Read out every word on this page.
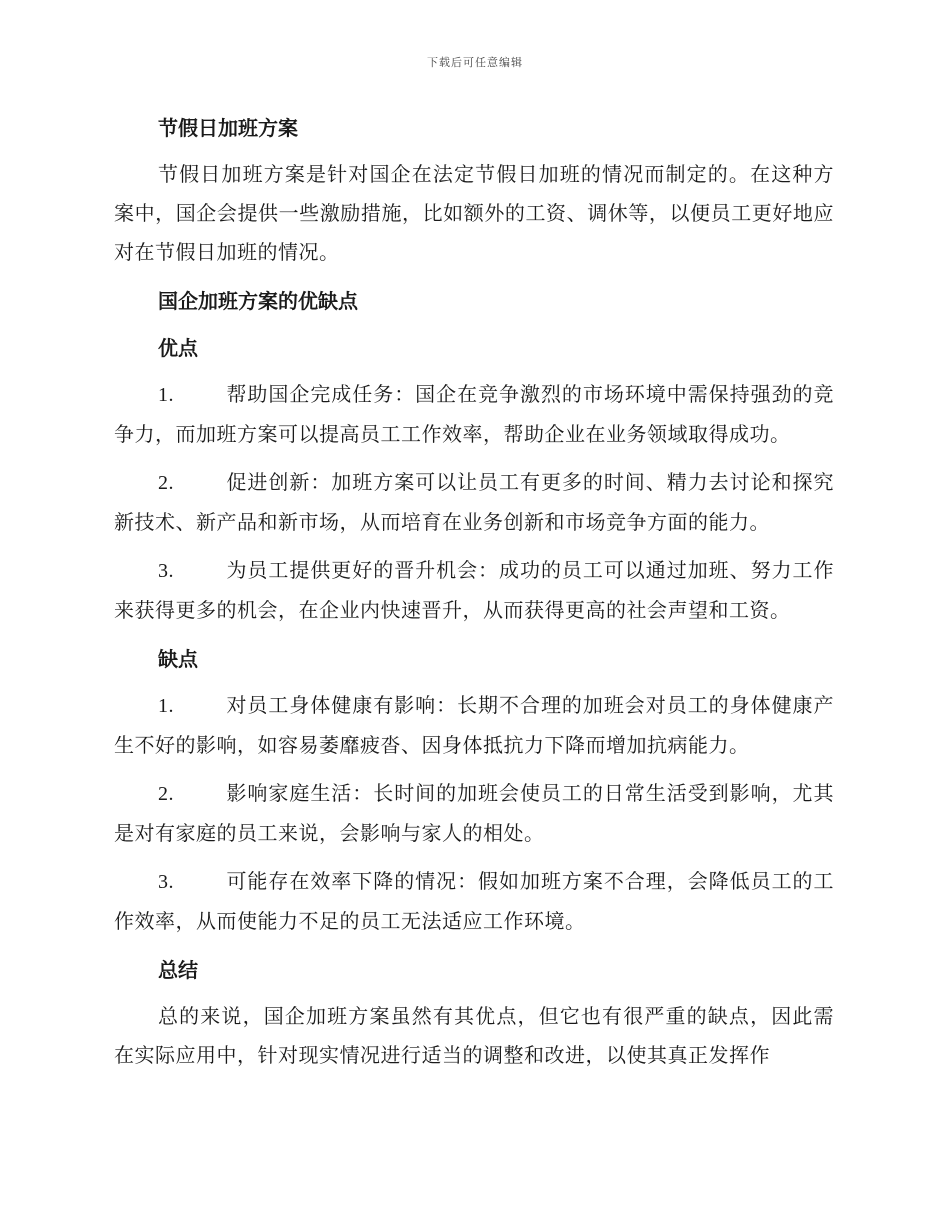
下载后可任意编辑

节假日加班方案

节假日加班方案是针对国企在法定节假日加班的情况而制定的。在这种方案中，国企会提供一些激励措施，比如额外的工资、调休等，以便员工更好地应对在节假日加班的情况。

国企加班方案的优缺点

优点

1.	帮助国企完成任务：国企在竞争激烈的市场环境中需保持强劲的竞争力，而加班方案可以提高员工工作效率，帮助企业在业务领域取得成功。

2.	促进创新：加班方案可以让员工有更多的时间、精力去讨论和探究新技术、新产品和新市场，从而培育在业务创新和市场竞争方面的能力。

3.	为员工提供更好的晋升机会：成功的员工可以通过加班、努力工作来获得更多的机会，在企业内快速晋升，从而获得更高的社会声望和工资。

缺点

1.	对员工身体健康有影响：长期不合理的加班会对员工的身体健康产生不好的影响，如容易萎靡疲沓、因身体抵抗力下降而增加抗病能力。

2.	影响家庭生活：长时间的加班会使员工的日常生活受到影响，尤其是对有家庭的员工来说，会影响与家人的相处。

3.	可能存在效率下降的情况：假如加班方案不合理，会降低员工的工作效率，从而使能力不足的员工无法适应工作环境。

总结

总的来说，国企加班方案虽然有其优点，但它也有很严重的缺点，因此需在实际应用中，针对现实情况进行适当的调整和改进，以使其真正发挥作
